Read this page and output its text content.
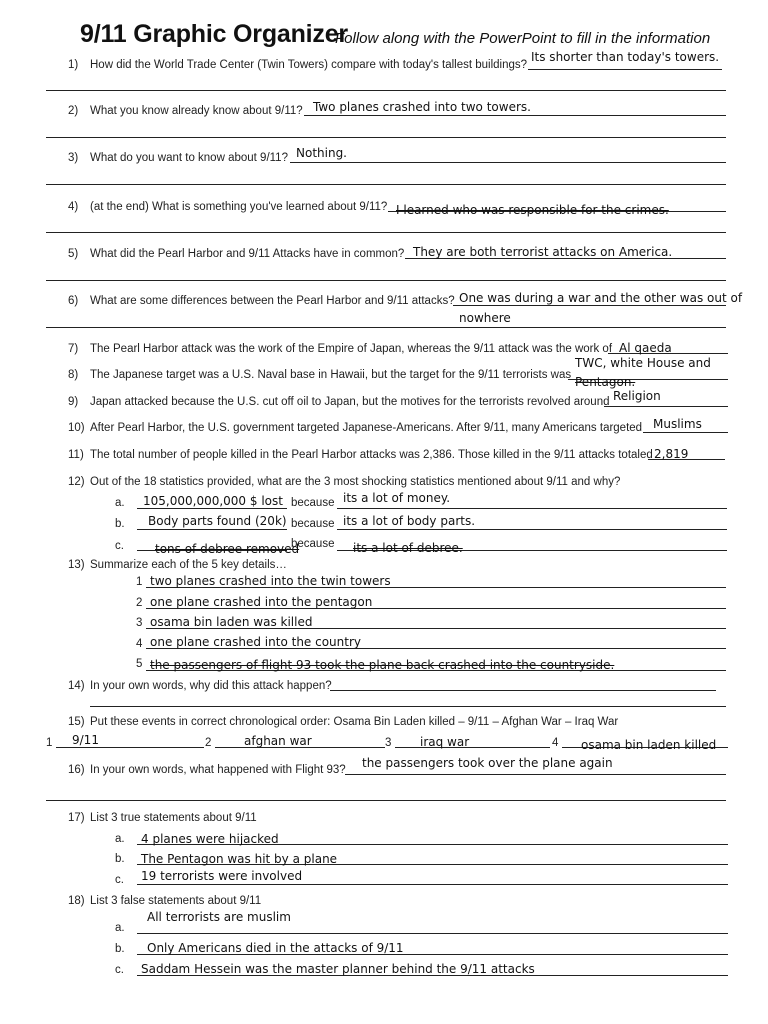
9/11 Graphic Organizer
Follow along with the PowerPoint to fill in the information
1) How did the World Trade Center (Twin Towers) compare with today's tallest buildings?
Its shorter than today's towers.
2) What you know already know about 9/11? Two planes crashed into two towers.
3) What do you want to know about 9/11? Nothing.
4) (at the end) What is something you've learned about 9/11? I learned who was responsible for the crimes.
5) What did the Pearl Harbor and 9/11 Attacks have in common? They are both terrorist attacks on America.
6) What are some differences between the Pearl Harbor and 9/11 attacks? One was during a war and the other was out of
nowhere
7) The Pearl Harbor attack was the work of the Empire of Japan, whereas the 9/11 attack was the work of Al qaeda
8) The Japanese target was a U.S. Naval base in Hawaii, but the target for the 9/11 terrorists was
TWC, white House and
Pentagon.
9) Japan attacked because the U.S. cut off oil to Japan, but the motives for the terrorists revolved around Religion
10) After Pearl Harbor, the U.S. government targeted Japanese-Americans. After 9/11, many Americans targeted Muslims
11) The total number of people killed in the Pearl Harbor attacks was 2,386. Those killed in the 9/11 attacks totaled 2,819
12) Out of the 18 statistics provided, what are the 3 most shocking statistics mentioned about 9/11 and why?
a. 105,000,000,000 $ lost because its a lot of money.
b. Body parts found (20k) because its a lot of body parts.
c.	tons of debree removed
because its a lot of debree.
13) Summarize each of the 5 key details…
1 two planes crashed into the twin towers
2 one plane crashed into the pentagon
3 osama bin laden was killed
4 one plane crashed into the country
5 the passengers of flight 93 took the plane back crashed into the countryside.
14) In your own words, why did this attack happen?
15) Put these events in correct chronological order: Osama Bin Laden killed – 9/11 – Afghan War – Iraq War
1 9/11	2	afghan war	3 iraq war	4 osama bin laden killed
16) In your own words, what happened with Flight 93? the passengers took over the plane again
17) List 3 true statements about 9/11
a. 4 planes were hijacked
b. The Pentagon was hit by a plane
c. 19 terrorists were involved
18) List 3 false statements about 9/11
a.
All terrorists are muslim
b. Only Americans died in the attacks of 9/11
c. Saddam Hessein was the master planner behind the 9/11 attacks
